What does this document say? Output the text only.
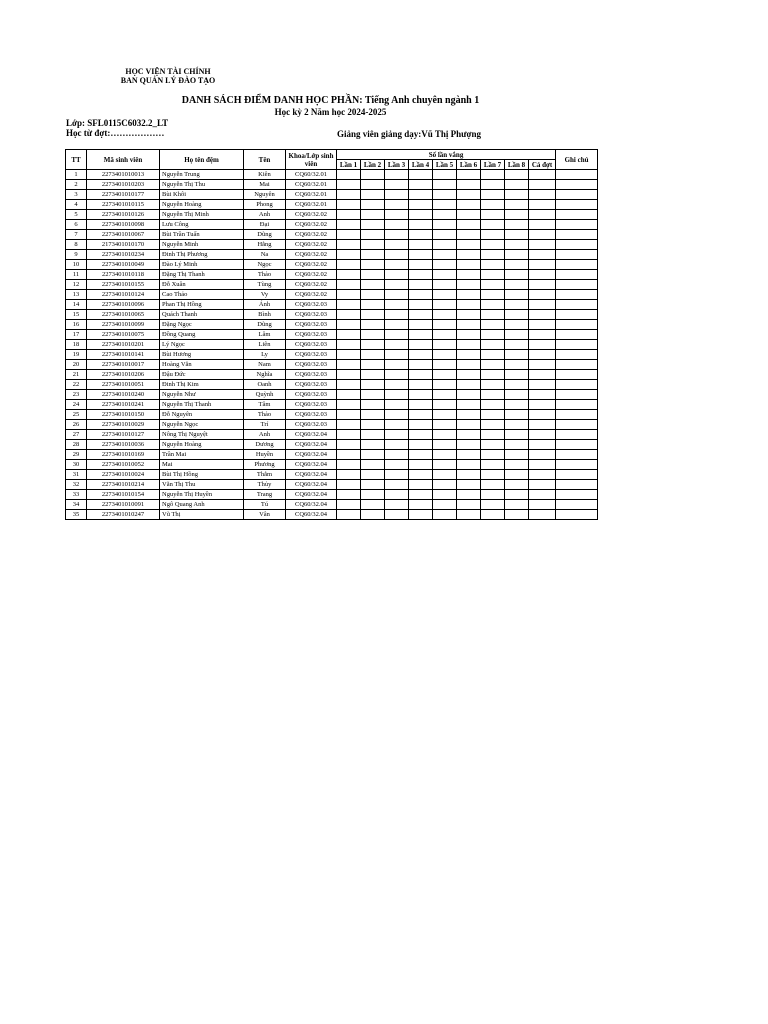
HỌC VIỆN TÀI CHÍNH
BAN QUẢN LÝ ĐÀO TẠO
DANH SÁCH ĐIỂM DANH HỌC PHẦN: Tiếng Anh chuyên ngành 1
Học kỳ 2 Năm học 2024-2025
Lớp: SFL0115C6032.2_LT
Học từ đợt:………………	Giảng viên giảng dạy:Vũ Thị Phượng
TT	Mã sinh viên	Họ tên đệm	Tên	Khoa/Lớp sinh viên	Số lần vắng									Ghi chú
					Lần 1	Lần 2	Lần 3	Lần 4	Lần 5	Lần 6	Lần 7	Lần 8	Cả đợt	
1	2273401010013	Nguyễn Trung	Kiên	CQ60/32.01										
2	2273401010203	Nguyễn Thị Thu	Mai	CQ60/32.01										
3	2273401010177	Bùi Khôi	Nguyên	CQ60/32.01										
4	2273401010115	Nguyễn Hoàng	Phong	CQ60/32.01										
5	2273401010126	Nguyễn Thị Minh	Anh	CQ60/32.02										
6	2273401010098	Lưu Công	Đại	CQ60/32.02										
7	2273401010067	Bùi Trần Tuấn	Dũng	CQ60/32.02										
8	2173401010170	Nguyễn Minh	Hằng	CQ60/32.02										
9	2273401010234	Đinh Thị Phương	Na	CQ60/32.02										
10	2273401010049	Đào Lý Minh	Ngọc	CQ60/32.02										
11	2273401010118	Đặng Thị Thanh	Thảo	CQ60/32.02										
12	2273401010155	Đỗ Xuân	Tùng	CQ60/32.02										
13	2273401010124	Cao Thảo	Vy	CQ60/32.02										
14	2273401010096	Phan Thị Hồng	Ánh	CQ60/32.03										
15	2273401010065	Quách Thanh	Bình	CQ60/32.03										
16	2273401010099	Đặng Ngọc	Dũng	CQ60/32.03										
17	2273401010075	Đồng Quang	Lâm	CQ60/32.03										
18	2273401010201	Lý Ngọc	Liên	CQ60/32.03										
19	2273401010141	Bùi Hương	Ly	CQ60/32.03										
20	2273401010017	Hoàng Văn	Nam	CQ60/32.03										
21	2273401010206	Đậu Đức	Nghĩa	CQ60/32.03										
22	2273401010051	Đinh Thị Kim	Oanh	CQ60/32.03										
23	2273401010240	Nguyễn Như	Quỳnh	CQ60/32.03										
24	2273401010241	Nguyễn Thị Thanh	Tâm	CQ60/32.03										
25	2273401010150	Đỗ Nguyên	Thảo	CQ60/32.03										
26	2273401010029	Nguyễn Ngọc	Trí	CQ60/32.03										
27	2273401010127	Nông Thị Nguyệt	Anh	CQ60/32.04										
28	2273401010036	Nguyễn Hoàng	Dương	CQ60/32.04										
29	2273401010169	Trần Mai	Huyền	CQ60/32.04										
30	2273401010052	Mai	Phương	CQ60/32.04										
31	2273401010024	Bùi Thị Hồng	Thắm	CQ60/32.04										
32	2273401010214	Văn Thị Thu	Thủy	CQ60/32.04										
33	2273401010154	Nguyễn Thị Huyền	Trang	CQ60/32.04										
34	2273401010091	Ngô Quang Anh	Tú	CQ60/32.04										
35	2273401010247	Vũ Thị	Vân	CQ60/32.04										
